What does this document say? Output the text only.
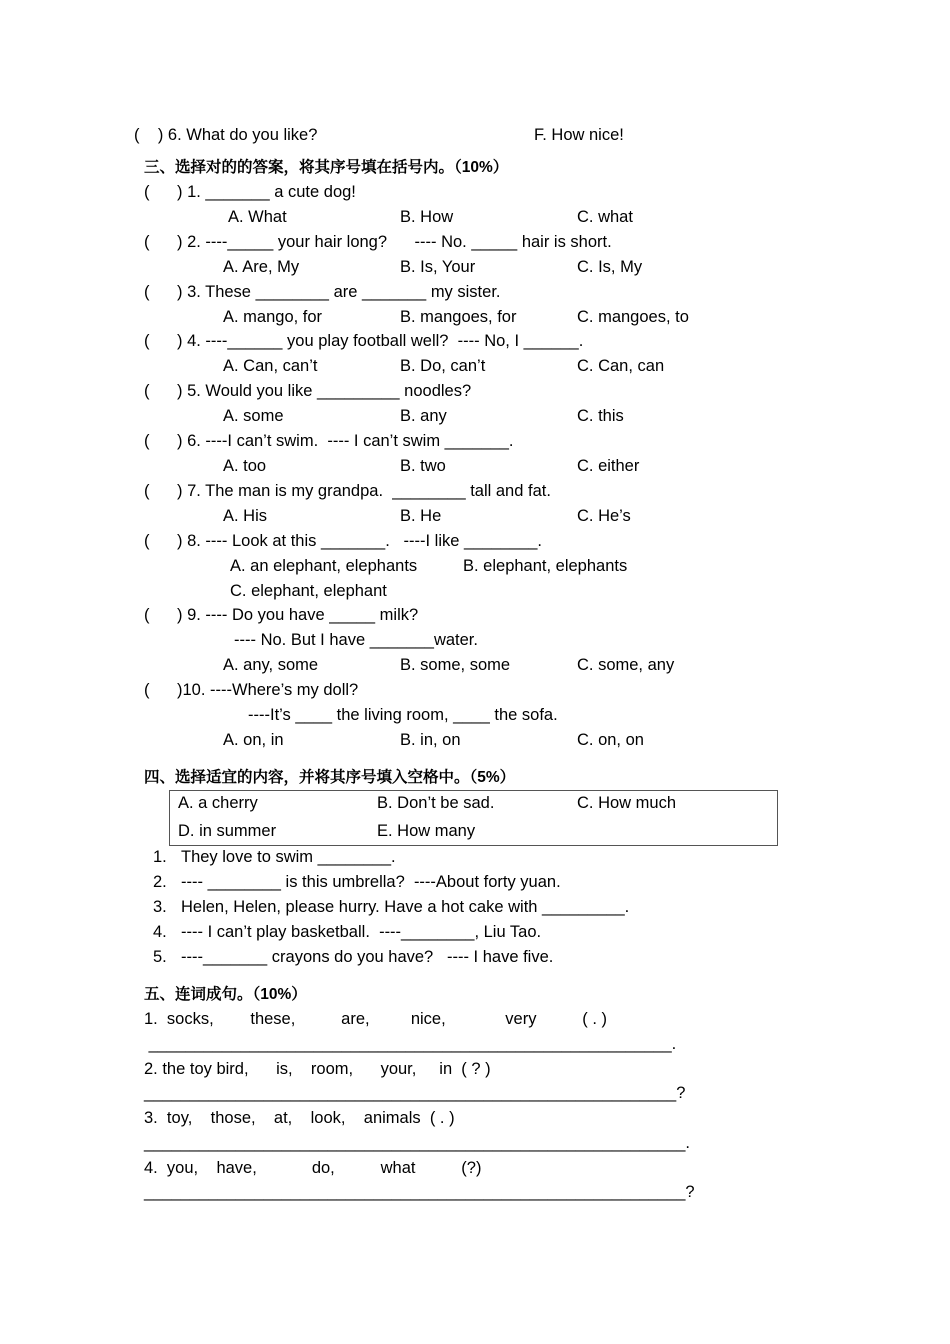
(    ) 6. What do you like?	F. How nice!
三、选择对的的答案，将其序号填在括号内。（10%）
(      ) 1. _______ a cute dog!
A. What	B. How	C. what
(      ) 2. ----_____ your hair long?      ---- No. _____ hair is short.
A. Are, My	B. Is, Your	C. Is, My
(      ) 3. These ________ are _______ my sister.
A. mango, for	B. mangoes, for	C. mangoes, to
(      ) 4. ----______ you play football well?  ---- No, I ______.
A. Can, can’t	B. Do, can’t	C. Can, can
(      ) 5. Would you like _________ noodles?
A. some	B. any	C. this
(      ) 6. ----I can’t swim.  ---- I can’t swim _______.
A. too	B. two	C. either
(      ) 7. The man is my grandpa.  ________ tall and fat.
A. His	B. He	C. He’s
(      ) 8. ---- Look at this _______.   ----I like ________.
A. an elephant, elephants	B. elephant, elephants
C. elephant, elephant
(      ) 9. ---- Do you have _____ milk?
---- No. But I have _______water.
A. any, some	B. some, some	C. some, any
(      )10. ----Where’s my doll?
----It’s ____ the living room, ____ the sofa.
A. on, in	B. in, on	C. on, on
四、选择适宜的内容，并将其序号填入空格中。（5%）
A. a cherry	B. Don’t be sad.	C. How much
D. in summer	E. How many
1. They love to swim ________.
2. ---- ________ is this umbrella?  ----About forty yuan.
3. Helen, Helen, please hurry. Have a hot cake with _________.
4. ---- I can’t play basketball.  ----________, Liu Tao.
5. ----_______ crayons do you have?   ---- I have five.
五、连词成句。（10%）
1.  socks,        these,          are,         nice,             very          ( . )
_________________________________________________________.
2. the toy bird,      is,    room,      your,     in  ( ? )
__________________________________________________________?
3.  toy,    those,    at,    look,    animals  ( . )
___________________________________________________________.
4.  you,    have,            do,          what          (?)
___________________________________________________________?
